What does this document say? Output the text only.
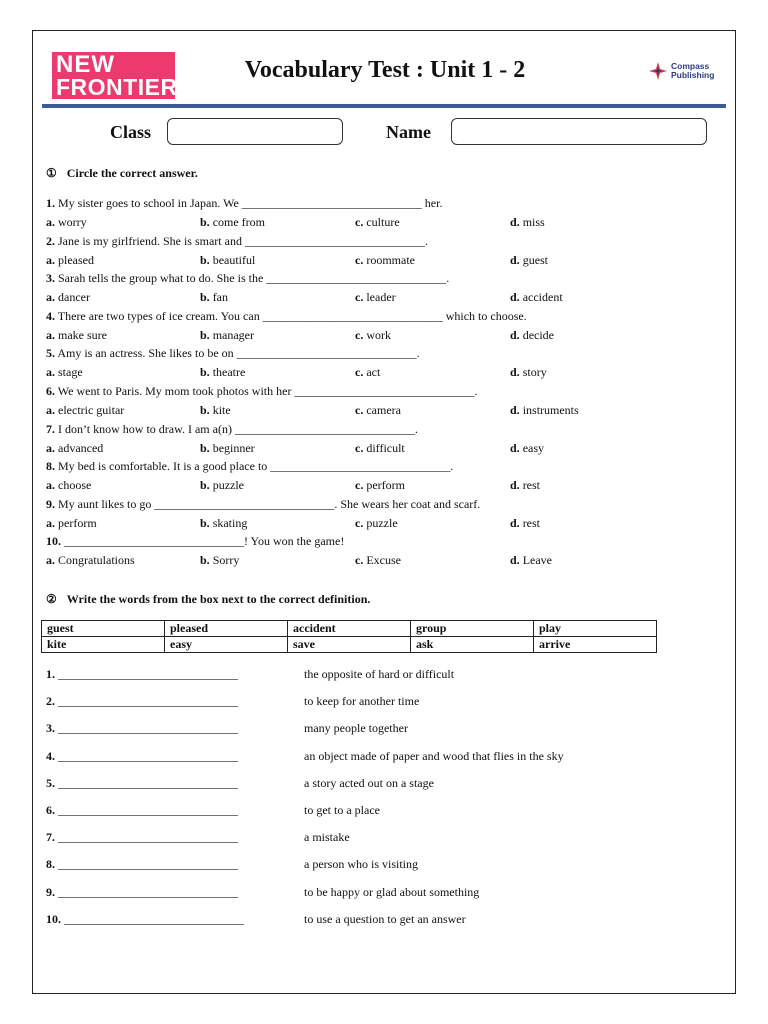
NEW
FRONTIERS
Vocabulary Test : Unit 1 - 2	Compass
Publishing
Class	Name
① Circle the correct answer.
1. My sister goes to school in Japan. We ______________________________ her.
a. worry	b. come from	c. culture	d. miss
2. Jane is my girlfriend. She is smart and ______________________________.
a. pleased	b. beautiful	c. roommate	d. guest
3. Sarah tells the group what to do. She is the ______________________________.
a. dancer	b. fan	c. leader	d. accident
4. There are two types of ice cream. You can ______________________________ which to choose.
a. make sure	b. manager	c. work	d. decide
5. Amy is an actress. She likes to be on ______________________________.
a. stage	b. theatre	c. act	d. story
6. We went to Paris. My mom took photos with her ______________________________.
a. electric guitar	b. kite	c. camera	d. instruments
7. I don’t know how to draw. I am a(n) ______________________________.
a. advanced	b. beginner	c. difficult	d. easy
8. My bed is comfortable. It is a good place to ______________________________.
a. choose	b. puzzle	c. perform	d. rest
9. My aunt likes to go ______________________________. She wears her coat and scarf.
a. perform	b. skating	c. puzzle	d. rest
10. ______________________________! You won the game!
a. Congratulations	b. Sorry	c. Excuse	d. Leave
② Write the words from the box next to the correct definition.
guest	pleased	accident	group	play
kite	easy	save	ask	arrive
1. ______________________________	the opposite of hard or difficult
2. ______________________________	to keep for another time
3. ______________________________	many people together
4. ______________________________	an object made of paper and wood that flies in the sky
5. ______________________________	a story acted out on a stage
6. ______________________________	to get to a place
7. ______________________________	a mistake
8. ______________________________	a person who is visiting
9. ______________________________	to be happy or glad about something
10. ______________________________	to use a question to get an answer
